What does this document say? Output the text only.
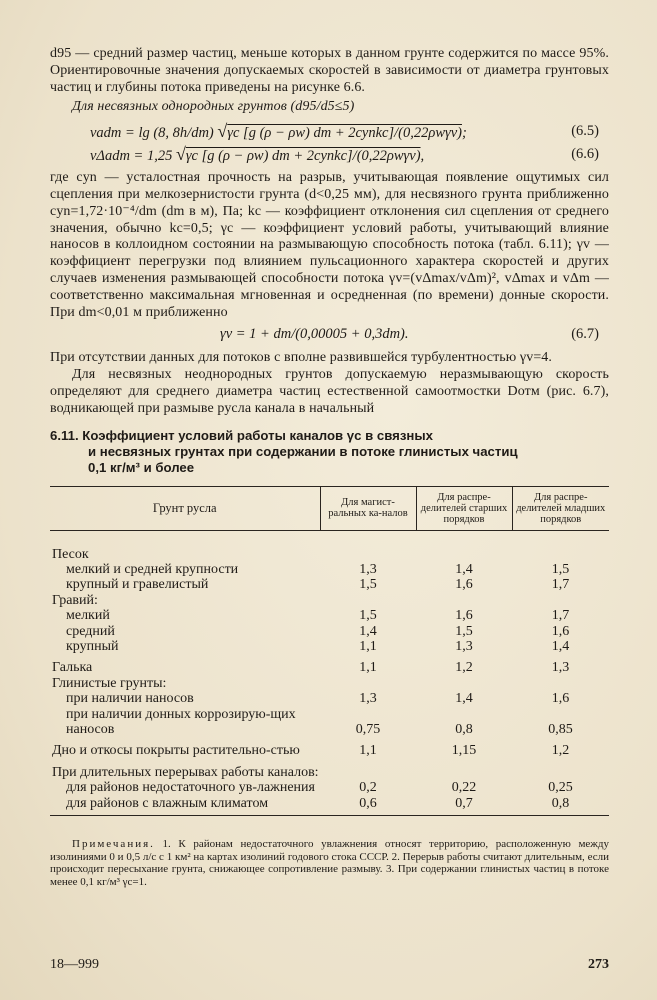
d95 — средний размер частиц, меньше которых в данном грунте содержится по массе 95%. Ориентировочные значения допускаемых скоростей в зависимости от диаметра грунтовых частиц и глубины потока приведены на рисунке 6.6.

Для несвязных однородных грунтов (d95/d5≤5)

vadm = lg (8, 8h/dm) √γc [g (ρ − ρw) dm + 2cynkc]/(0,22ρwγv);	(6.5)
vΔadm = 1,25 √γc [g (ρ − ρw) dm + 2cynkc]/(0,22ρwγv),	(6.6)

где cyn — усталостная прочность на разрыв, учитывающая появление ощутимых сил сцепления при мелкозернистости грунта (d<0,25 мм), для несвязного грунта приближенно cyn=1,72·10⁻⁴/dm (dm в м), Па; kc — коэффициент отклонения сил сцепления от среднего значения, обычно kc=0,5; γc — коэффициент условий работы, учитывающий влияние наносов в коллоидном состоянии на размывающую способность потока (табл. 6.11); γv — коэффициент перегрузки под влиянием пульсационного характера скоростей и других случаев изменения размывающей способности потока γv=(vΔmax/vΔm)², vΔmax и vΔm — соответственно максимальная мгновенная и осредненная (по времени) донные скорости. При dm<0,01 м приближенно

γv = 1 + dm/(0,00005 + 0,3dm).	(6.7)

При отсутствии данных для потоков с вполне развившейся турбулентностью γv=4.

Для несвязных неоднородных грунтов допускаемую неразмывающую скорость определяют для среднего диаметра частиц естественной самоотмостки Dотм (рис. 6.7), водникающей при размыве русла канала в начальный

6.11. Коэффициент условий работы каналов γc в связных
и несвязных грунтах при содержании в потоке глинистых частиц
0,1 кг/м³ и более
Грунт русла	Для магист-ральных ка-налов	Для распре-делителей старших порядков	Для распре-делителей младших порядков
Песок			
мелкий и средней крупности	1,3	1,4	1,5
крупный и гравелистый	1,5	1,6	1,7
Гравий:			
мелкий	1,5	1,6	1,7
средний	1,4	1,5	1,6
крупный	1,1	1,3	1,4
Галька	1,1	1,2	1,3
Глинистые грунты:			
при наличии наносов	1,3	1,4	1,6
при наличии донных коррозирую-щих наносов	0,75	0,8	0,85
Дно и откосы покрыты растительно-стью	1,1	1,15	1,2
При длительных перерывах работы каналов:			
для районов недостаточного ув-лажнения	0,2	0,22	0,25
для районов с влажным климатом	0,6	0,7	0,8

Примечания. 1. К районам недостаточного увлажнения относят территорию, расположенную между изолиниями 0 и 0,5 л/с с 1 км² на картах изолиний годового стока СССР. 2. Перерыв работы считают длительным, если происходит пересыхание грунта, снижающее сопротивление размыву. 3. При содержании глинистых частиц в потоке менее 0,1 кг/м³ γc=1.

18—999	273
